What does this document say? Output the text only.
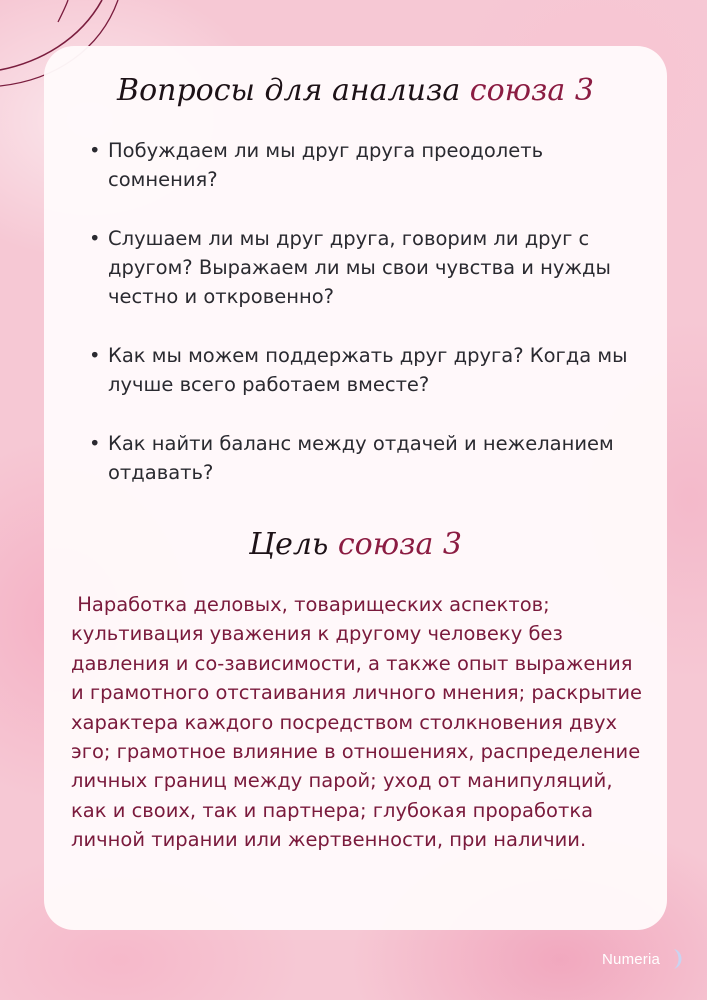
Вопросы для анализа союза 3
• Побуждаем ли мы друг друга преодолеть сомнения?
• Слушаем ли мы друг друга, говорим ли друг с другом? Выражаем ли мы свои чувства и нужды честно и откровенно?
• Как мы можем поддержать друг друга? Когда мы лучше всего работаем вместе?
• Как найти баланс между отдачей и нежеланием отдавать?
Цель союза 3

Наработка деловых, товарищеских аспектов; культивация уважения к другому человеку без давления и со-зависимости, а также опыт выражения и грамотного отстаивания личного мнения; раскрытие характера каждого посредством столкновения двух эго; грамотное влияние в отношениях, распределение личных границ между парой; уход от манипуляций, как и своих, так и партнера; глубокая проработка личной тирании или жертвенности, при наличии.

Numeria
